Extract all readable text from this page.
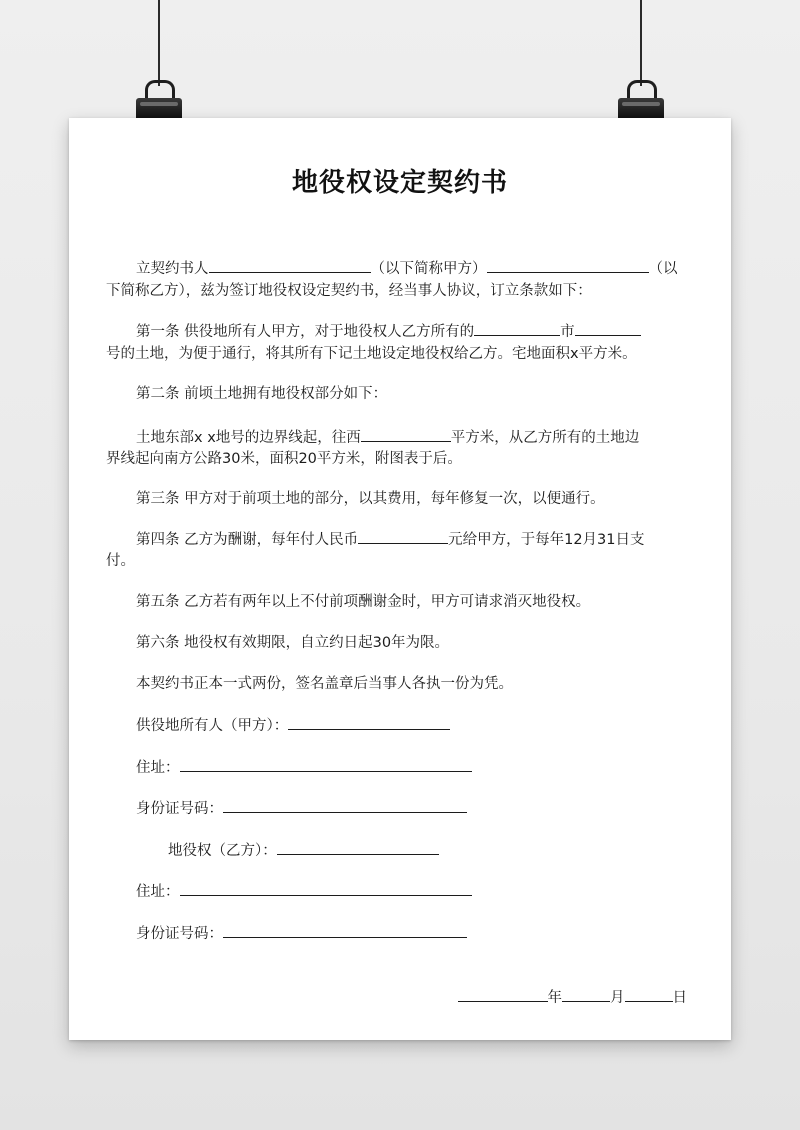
地役权设定契约书
立契约书人	（以下简称甲方）	（以
下简称乙方），兹为签订地役权设定契约书，经当事人协议，订立条款如下：
第一条 供役地所有人甲方，对于地役权人乙方所有的	市
号的土地，为便于通行，将其所有下记土地设定地役权给乙方。宅地面积x平方米。
第二条 前顷土地拥有地役权部分如下：
土地东部x x地号的边界线起，往西	平方米，从乙方所有的土地边
界线起向南方公路30米，面积20平方米，附图表于后。
第三条 甲方对于前项土地的部分，以其费用，每年修复一次，以便通行。
第四条 乙方为酬谢，每年付人民币	元给甲方，于每年12月31日支
付。
第五条 乙方若有两年以上不付前项酬谢金时，甲方可请求消灭地役权。
第六条 地役权有效期限，自立约日起30年为限。
本契约书正本一式两份，签名盖章后当事人各执一份为凭。
供役地所有人（甲方）：
住址：
身份证号码：
地役权（乙方）：
住址：
身份证号码：
年	月	日
